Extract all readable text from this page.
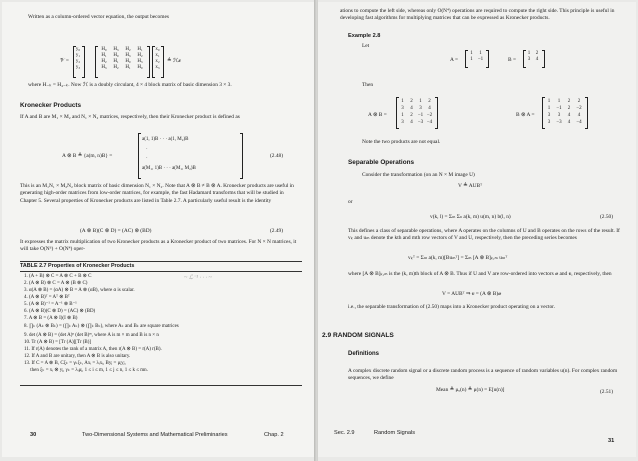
Written as a column-ordered vector equation, the output becomes
𝒱 =
y₀
y₁
y₂
y₃
H₀	H₃	H₂	H₁
H₁	H₀	H₃	H₂
H₂	H₁	H₀	H₃
H₃	H₂	H₁	H₀
x₀
x₁
x₂
x₃
≜ ℋ𝓍
where H₋ₖ = H₄₋ₖ. Now ℋ is a doubly circulant, 4 × 4 block matrix of basic dimension 3 × 3.
Kronecker Products
If A and B are M₁ × M₂ and N₁ × N₂ matrices, respectively, then their Kronecker product is defined as
A ⊗ B ≜ {a(m, n)B} =
a(1, 1)B · · · a(1, M₂)B
·
·
a(M₁, 1)B · · · a(M₁, M₂)B
(2.48)
This is an M₁N₁ × M₂N₂ block matrix of basic dimension N₁ × N₂. Note that A ⊗ B ≠ B ⊗ A. Kronecker products are useful in generating high-order matrices from low-order matrices, for example, the fast Hadamard transforms that will be studied in Chapter 5. Several properties of Kronecker products are listed in Table 2.7. A particularly useful result is the identity
(A ⊗ B)(C ⊗ D) = (AC) ⊗ (BD)	(2.49)
It expresses the matrix multiplication of two Kronecker products as a Kronecker product of two matrices. For N × N matrices, it will take O(N⁶) + O(N⁴) oper-
TABLE 2.7 Properties of Kronecker Products
1. (A + B) ⊗ C = A ⊗ C + B ⊗ C
2. (A ⊗ B) ⊗ C = A ⊗ (B ⊗ C)
3. α(A ⊗ B) = (αA) ⊗ B = A ⊗ (αB), where α is scalar.
4. (A ⊗ B)ᵀ = Aᵀ ⊗ Bᵀ
5. (A ⊗ B)⁻¹ = A⁻¹ ⊗ B⁻¹
6. (A ⊗ B)(C ⊗ D) = (AC) ⊗ (BD)
7. A ⊗ B = (A ⊗ I)(I ⊗ B)
8. ∏ₖ (Aₖ ⊗ Bₖ) = (∏ₖ Aₖ) ⊗ (∏ₖ Bₖ), where Aₖ and Bₖ are square matrices
9. det (A ⊗ B) = (det A)ⁿ (det B)ᵐ, where A is m × m and B is n × n
10. Tr (A ⊗ B) = [Tr (A)][Tr (B)]
11. If r(A) denotes the rank of a matrix A, then r(A ⊗ B) = r(A) r(B).
12. If A and B are unitary, then A ⊗ B is also unitary.
13. If C = A ⊗ B, Cξₖ = γₖξₖ, Axᵢ = λᵢxᵢ, Byⱼ = μⱼyⱼ,
then ξₖ = xᵢ ⊗ yⱼ, γₖ = λᵢμⱼ, 1 ≤ i ≤ m, 1 ≤ j ≤ n, 1 ≤ k ≤ mn.
~ ℒ⁻¹ · · · ~
30	Two-Dimensional Systems and Mathematical Preliminaries	Chap. 2
ations to compute the left side, whereas only O(N⁴) operations are required to compute the right side. This principle is useful in developing fast algorithms for multiplying matrices that can be expressed as Kronecker products.
Example 2.8
Let
A =
1	1
1	−1	B =
1	2
3	4
Then
A ⊗ B =
1	2	1	2
3	4	3	4
1	2	−1 −2
3	4	−3 −4
B ⊗ A =
1	1	2	2
1	−1	2	−2
3	3	4	4
3	−3	4	−4
Note the two products are not equal.
Separable Operations
Consider the transformation (on an N × M image U)
V ≜ AUBᵀ
or
v(k, l) = Σₘ Σₙ a(k, m) u(m, n) b(l, n)	(2.50)
This defines a class of separable operations, where A operates on the columns of U and B operates on the rows of the result. If vₖ and uₘ denote the kth and mth row vectors of V and U, respectively, then the preceding series becomes
vₖᵀ = Σₘ a(k, m)[Buₘᵀ] = Σₘ [A ⊗ B]ₖ,ₘ uₘᵀ
where [A ⊗ B]ₖ,ₘ is the (k, m)th block of A ⊗ B. Thus if U and V are row-ordered into vectors 𝓊 and 𝓋, respectively, then
V = AUBᵀ ⇒ 𝓋 = (A ⊗ B)𝓊
i.e., the separable transformation of (2.50) maps into a Kronecker product operating on a vector.
2.9 RANDOM SIGNALS
Definitions
A complex discrete random signal or a discrete random process is a sequence of random variables u(n). For complex random sequences, we define
Mean ≜ μᵤ(n) ≜ μ(n) = E[u(n)]	(2.51)
Sec. 2.9	Random Signals
31
